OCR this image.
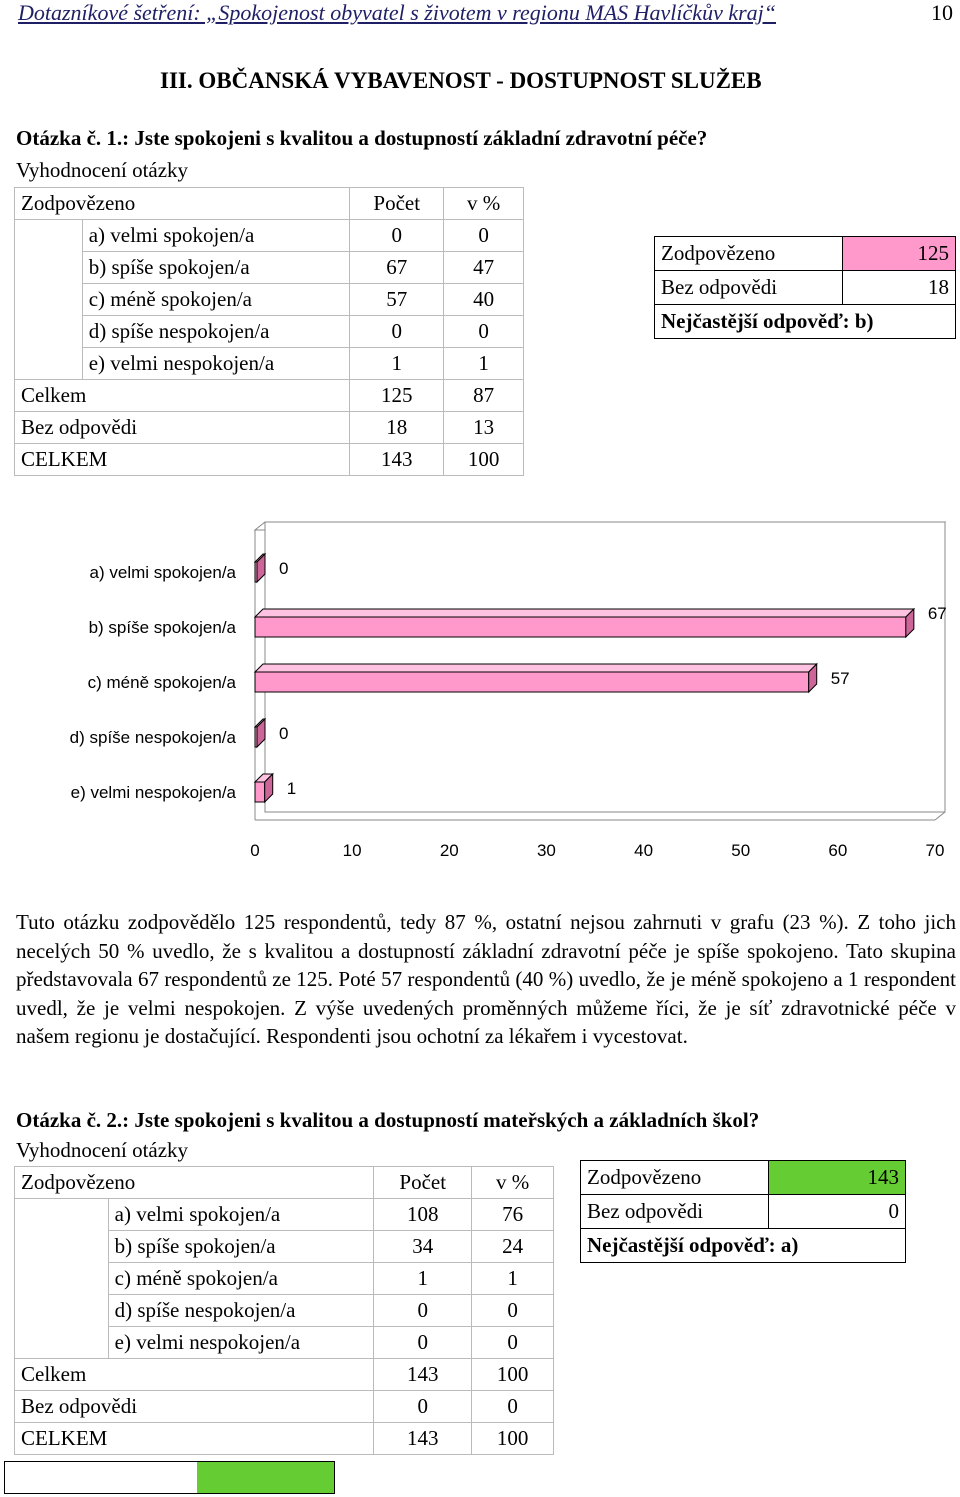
Dotazníkové šetření: „Spokojenost obyvatel s životem v regionu MAS Havlíčkův kraj“	10
III. OBČANSKÁ VYBAVENOST - DOSTUPNOST SLUŽEB
Otázka č. 1.: Jste spokojeni s kvalitou a dostupností základní zdravotní péče?
Vyhodnocení otázky
Zodpovězeno		Počet	v %
	a) velmi spokojen/a	0	0
	b) spíše spokojen/a	67	47
	c) méně spokojen/a	57	40
	d) spíše nespokojen/a	0	0
	e) velmi nespokojen/a	1	1
Celkem		125	87
Bez odpovědi		18	13
CELKEM		143	100
Zodpovězeno	125
Bez odpovědi	18
Nejčastější odpověď: b)	
0	10	20	30	40	50	60	70
a) velmi spokojen/a	0
b) spíše spokojen/a
67
c) méně spokojen/a	57
d) spíše nespokojen/a	0
e) velmi nespokojen/a	1
Tuto otázku zodpovědělo 125 respondentů, tedy 87 %, ostatní nejsou zahrnuti v grafu (23 %). Z toho jich necelých 50 % uvedlo, že s kvalitou a dostupností základní zdravotní péče je spíše spokojeno. Tato skupina představovala 67 respondentů ze 125. Poté 57 respondentů (40 %) uvedlo, že je méně spokojeno a 1 respondent uvedl, že je velmi nespokojen. Z výše uvedených proměnných můžeme říci, že je síť zdravotnické péče v našem regionu je dostačující. Respondenti jsou ochotní za lékařem i vycestovat.
Otázka č. 2.: Jste spokojeni s kvalitou a dostupností mateřských a základních škol?
Vyhodnocení otázky
Zodpovězeno		Počet	v %
	a) velmi spokojen/a	108	76
	b) spíše spokojen/a	34	24
	c) méně spokojen/a	1	1
	d) spíše nespokojen/a	0	0
	e) velmi nespokojen/a	0	0
Celkem		143	100
Bez odpovědi		0	0
CELKEM		143	100
Zodpovězeno	143
Bez odpovědi	0
Nejčastější odpověď: a)	
